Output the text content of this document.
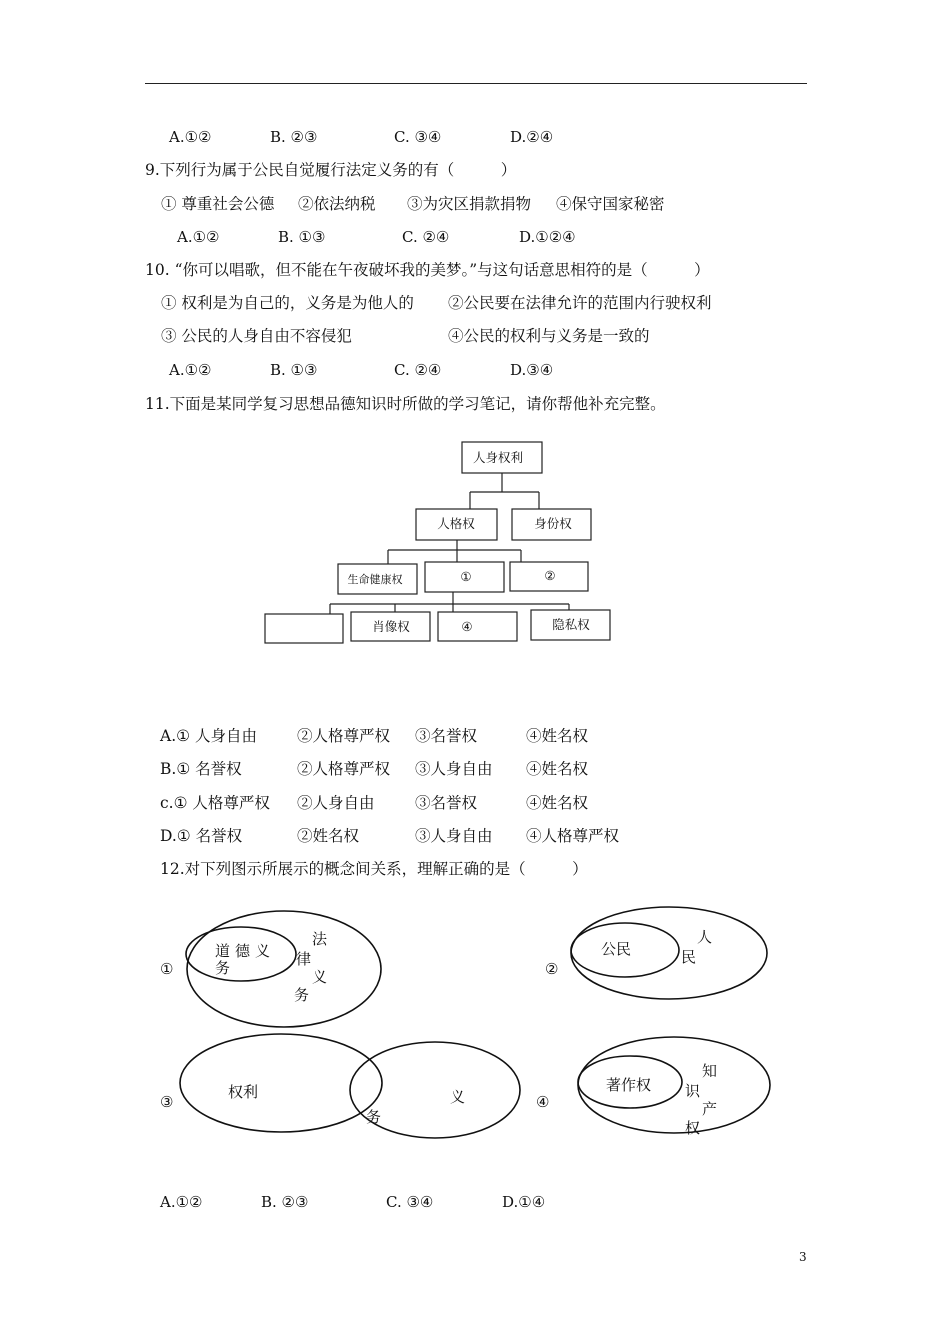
A.①②	B. ②③	C. ③④	D.②④
9.下列行为属于公民自觉履行法定义务的有（　　　）
① 尊重社会公德 ②依法纳税 ③为灾区捐款捐物 ④保守国家秘密
A.①②	B. ①③	C. ②④	D.①②④
10. “你可以唱歌，但不能在午夜破坏我的美梦。”与这句话意思相符的是（　　　）
① 权利是为自己的，义务是为他人的 ②公民要在法律允许的范围内行驶权利
③ 公民的人身自由不容侵犯	④公民的权利与义务是一致的
A.①②	B. ①③	C. ②④	D.③④
11.下面是某同学复习思想品德知识时所做的学习笔记，请你帮他补充完整。
人身权利
人格权	身份权
生命健康权	①	②
肖像权	④	隐私权
A.① 人身自由	②人格尊严权 ③名誉权	④姓名权
B.① 名誉权	②人格尊严权 ③人身自由 ④姓名权
c.① 人格尊严权 ②人身自由	③名誉权	④姓名权
D.① 名誉权	②姓名权	③人身自由 ④人格尊严权
12.对下列图示所展示的概念间关系，理解正确的是（　　　）
①
道 德 义
务
法
律
义
务
②
公民
人
民
③
权利	义
务
④
著作权
知
识
产
权
A.①②	B. ②③	C. ③④	D.①④
3
